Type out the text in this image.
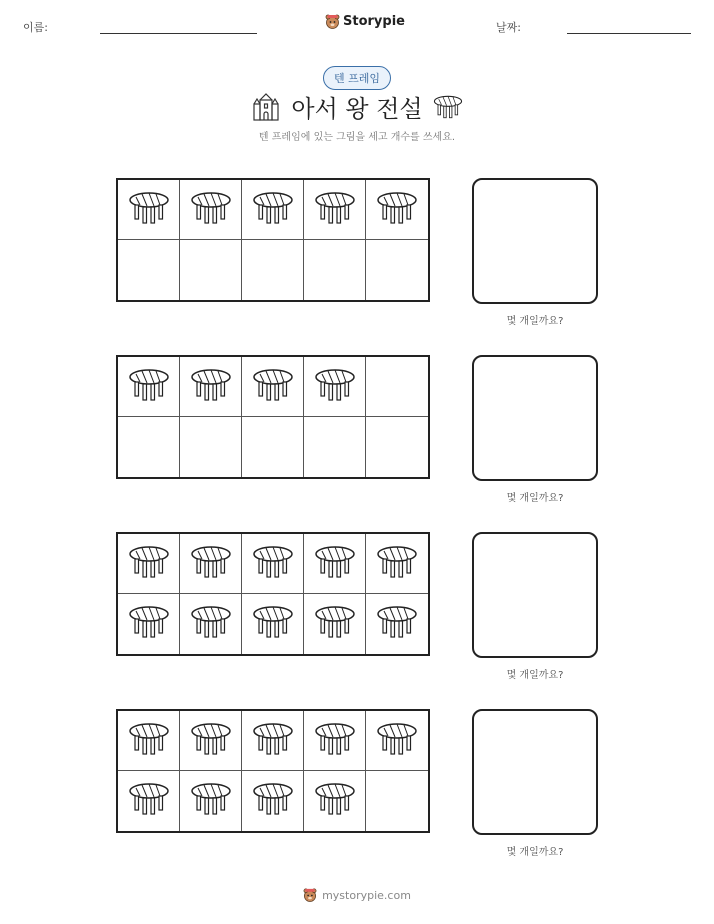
이름:	Storypie	날짜:
텐 프레임
아서 왕 전설
텐 프레임에 있는 그림을 세고 개수를 쓰세요.
몇 개일까요?
몇 개일까요?
몇 개일까요?
몇 개일까요?
mystorypie.com
